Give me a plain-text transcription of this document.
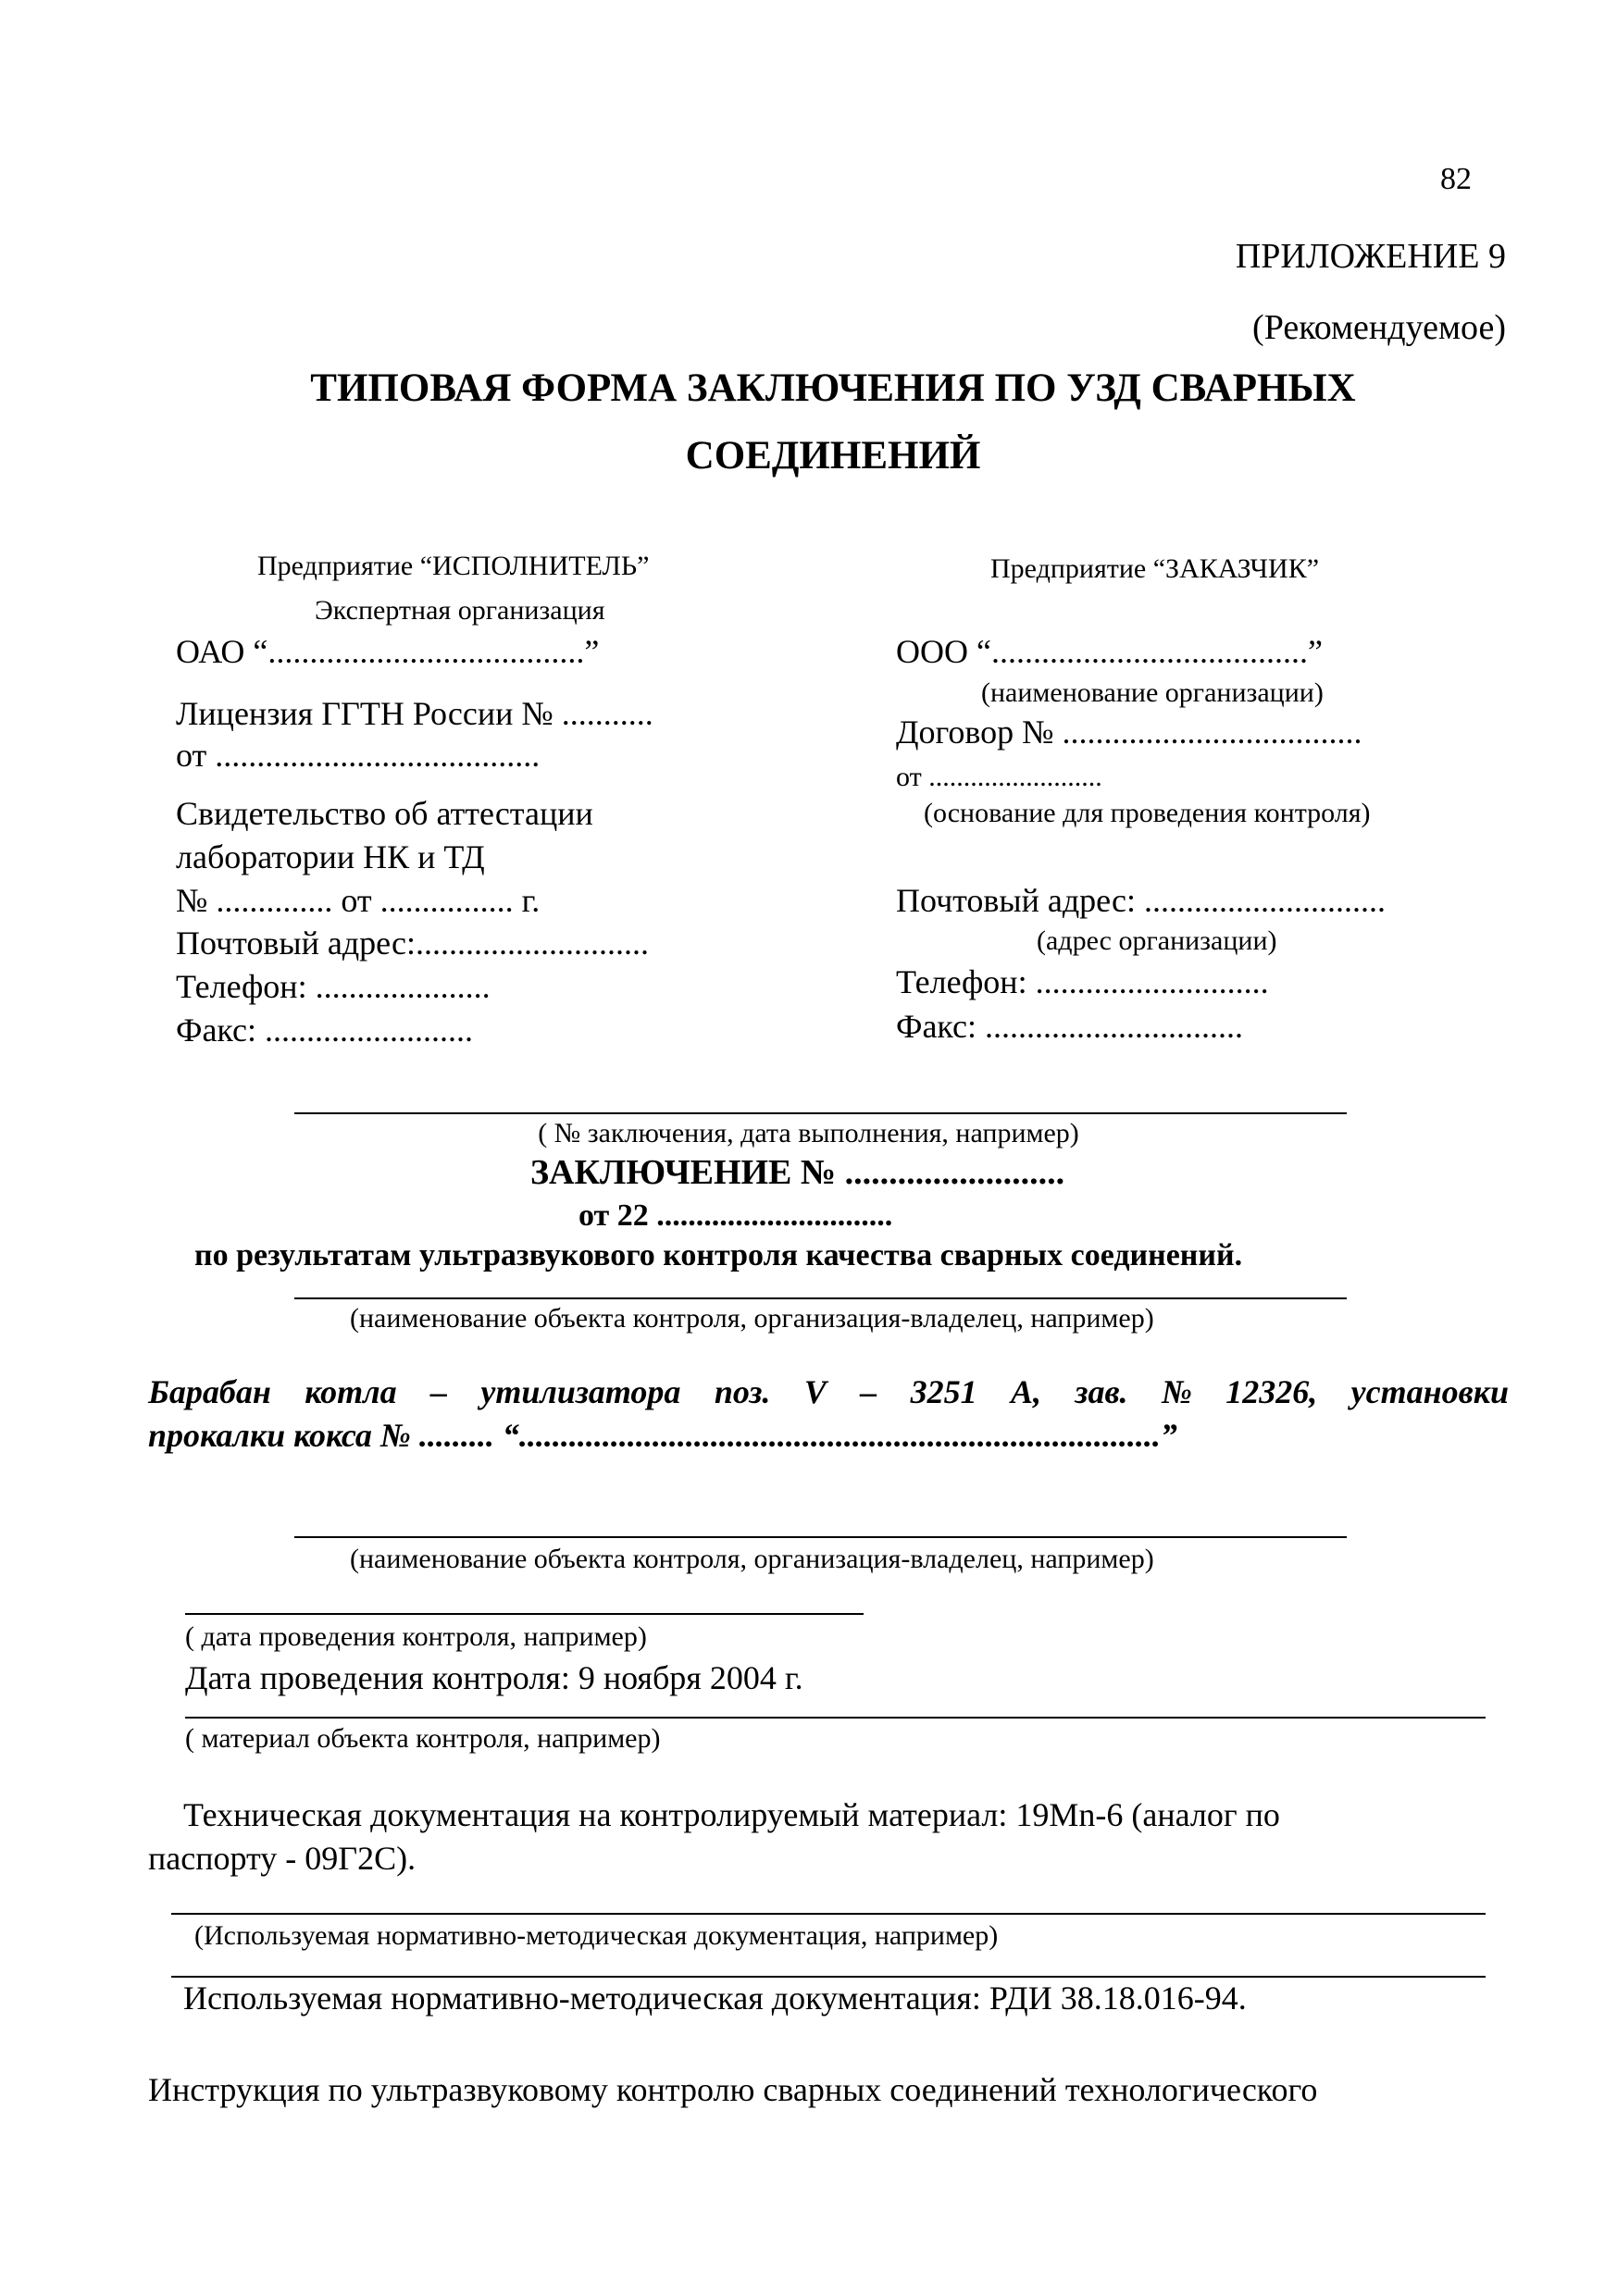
82
ПРИЛОЖЕНИЕ 9
(Рекомендуемое)
ТИПОВАЯ ФОРМА ЗАКЛЮЧЕНИЯ ПО УЗД СВАРНЫХ
СОЕДИНЕНИЙ
Предприятие “ИСПОЛНИТЕЛЬ”
Экспертная организация
ОАО “......................................”
Лицензия ГГТН России № ...........
от .......................................
Свидетельство об аттестации
лаборатории НК и ТД
№ .............. от ................ г.
Почтовый адрес:............................
Телефон: .....................
Факс: .........................
Предприятие “ЗАКАЗЧИК”
ООО “......................................”
(наименование организации)
Договор № ....................................
от .........................
(основание для проведения контроля)
Почтовый адрес: .............................
(адрес организации)
Телефон: ............................
Факс: ...............................
( № заключения, дата выполнения, например)
ЗАКЛЮЧЕНИЕ № .........................
от 22 ..............................
по результатам ультразвукового контроля качества сварных соединений.
(наименование объекта контроля, организация-владелец, например)
Барабан котла – утилизатора поз. V – 3251 А, зав. № 12326, установки
прокалки кокса № ......... “.............................................................................”
(наименование объекта контроля, организация-владелец, например)
( дата проведения контроля, например)
Дата проведения контроля: 9 ноября 2004 г.
( материал объекта контроля, например)
Техническая документация на контролируемый материал: 19Mn-6 (аналог по
паспорту - 09Г2С).
(Используемая нормативно-методическая документация, например)
Используемая нормативно-методическая документация: РДИ 38.18.016-94.
Инструкция по ультразвуковому контролю сварных соединений технологического
